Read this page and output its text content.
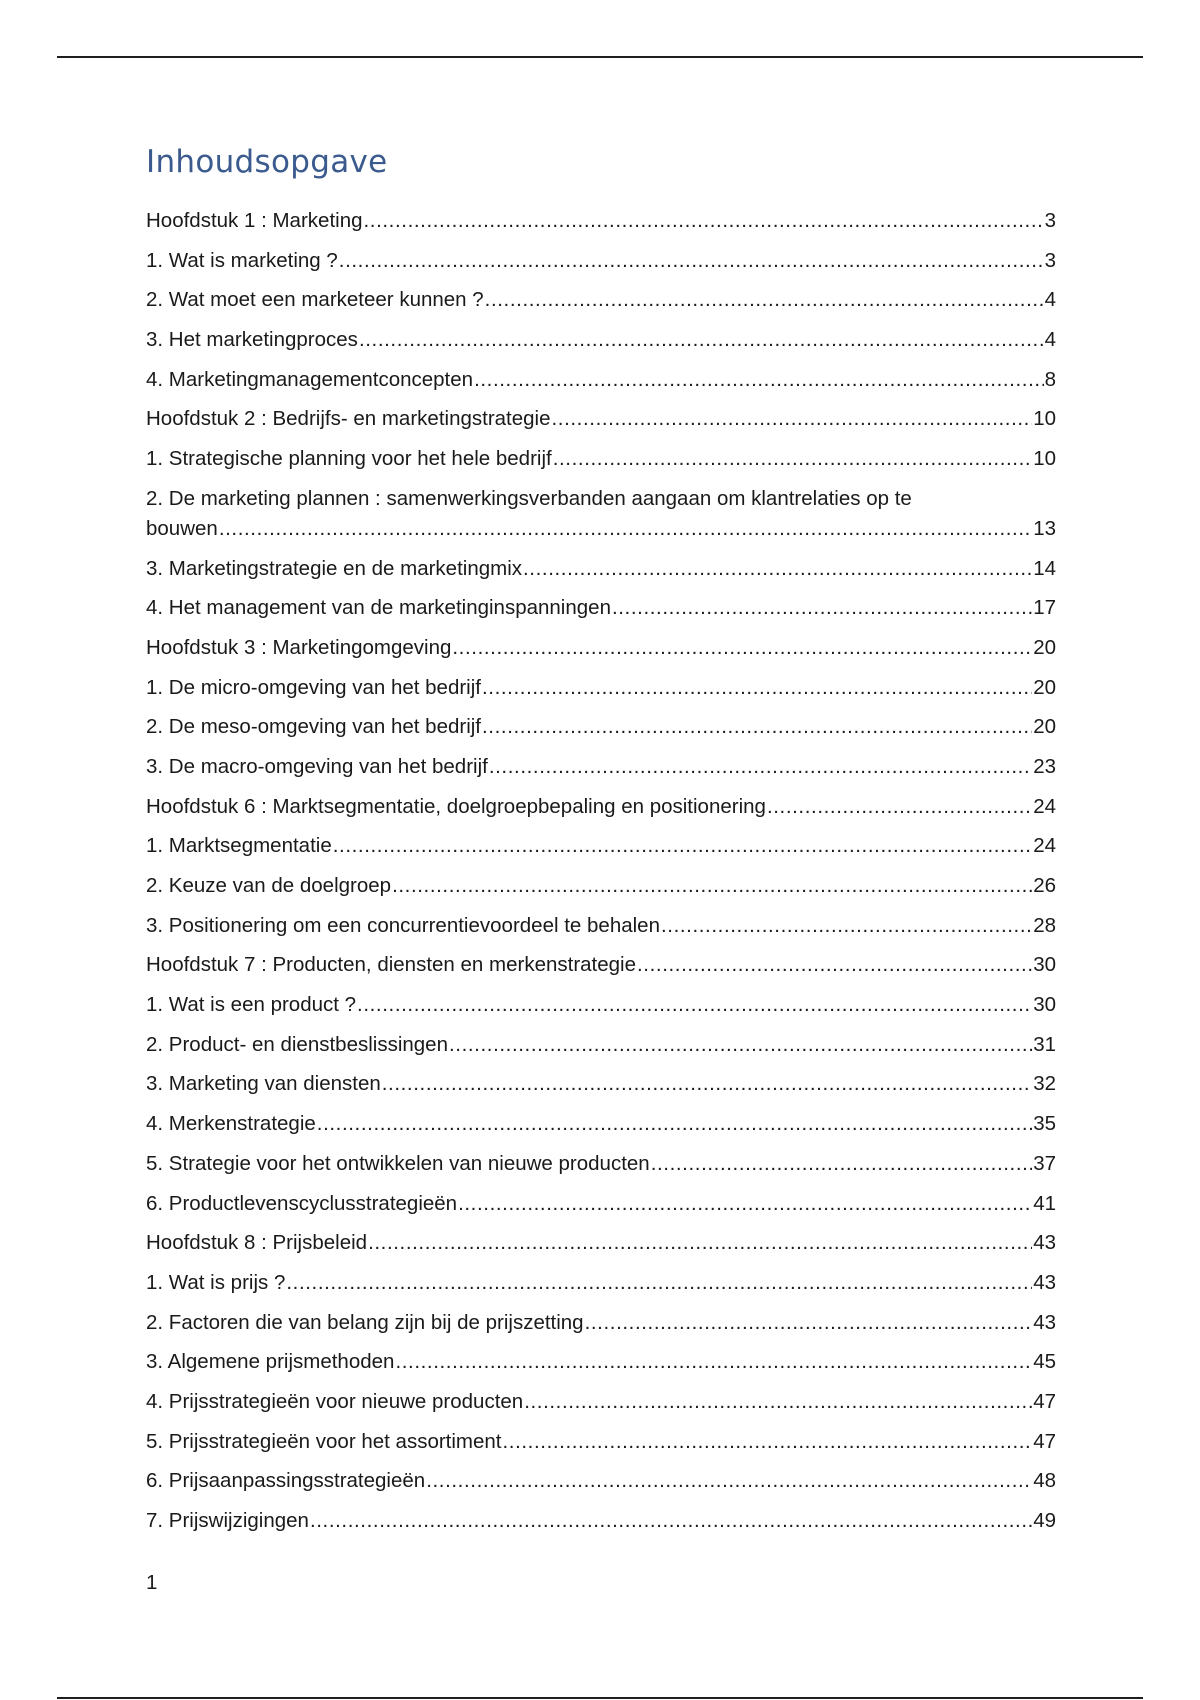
Inhoudsopgave
Hoofdstuk 1 : Marketing .....	3
1. Wat is marketing ? .....	3
2. Wat moet een marketeer kunnen ? .....	4
3. Het marketingproces .....	4
4. Marketingmanagementconcepten .....	8
Hoofdstuk 2 : Bedrijfs- en marketingstrategie .....	10
1. Strategische planning voor het hele bedrijf .....	10
2. De marketing plannen : samenwerkingsverbanden aangaan om klantrelaties op te
bouwen .....	13
3. Marketingstrategie en de marketingmix .....	14
4. Het management van de marketinginspanningen .....	17
Hoofdstuk 3 : Marketingomgeving .....	20
1. De micro-omgeving van het bedrijf .....	20
2. De meso-omgeving van het bedrijf .....	20
3. De macro-omgeving van het bedrijf .....	23
Hoofdstuk 6 : Marktsegmentatie, doelgroepbepaling en positionering .....	24
1. Marktsegmentatie .....	24
2. Keuze van de doelgroep .....	26
3. Positionering om een concurrentievoordeel te behalen .....	28
Hoofdstuk 7 : Producten, diensten en merkenstrategie .....	30
1. Wat is een product ? .....	30
2. Product- en dienstbeslissingen .....	31
3. Marketing van diensten .....	32
4. Merkenstrategie .....	35
5. Strategie voor het ontwikkelen van nieuwe producten .....	37
6. Productlevenscyclusstrategieën .....	41
Hoofdstuk 8 : Prijsbeleid .....	43
1. Wat is prijs ? .....	43
2. Factoren die van belang zijn bij de prijszetting .....	43
3. Algemene prijsmethoden .....	45
4. Prijsstrategieën voor nieuwe producten .....	47
5. Prijsstrategieën voor het assortiment .....	47
6. Prijsaanpassingsstrategieën .....	48
7. Prijswijzigingen .....	49
1
